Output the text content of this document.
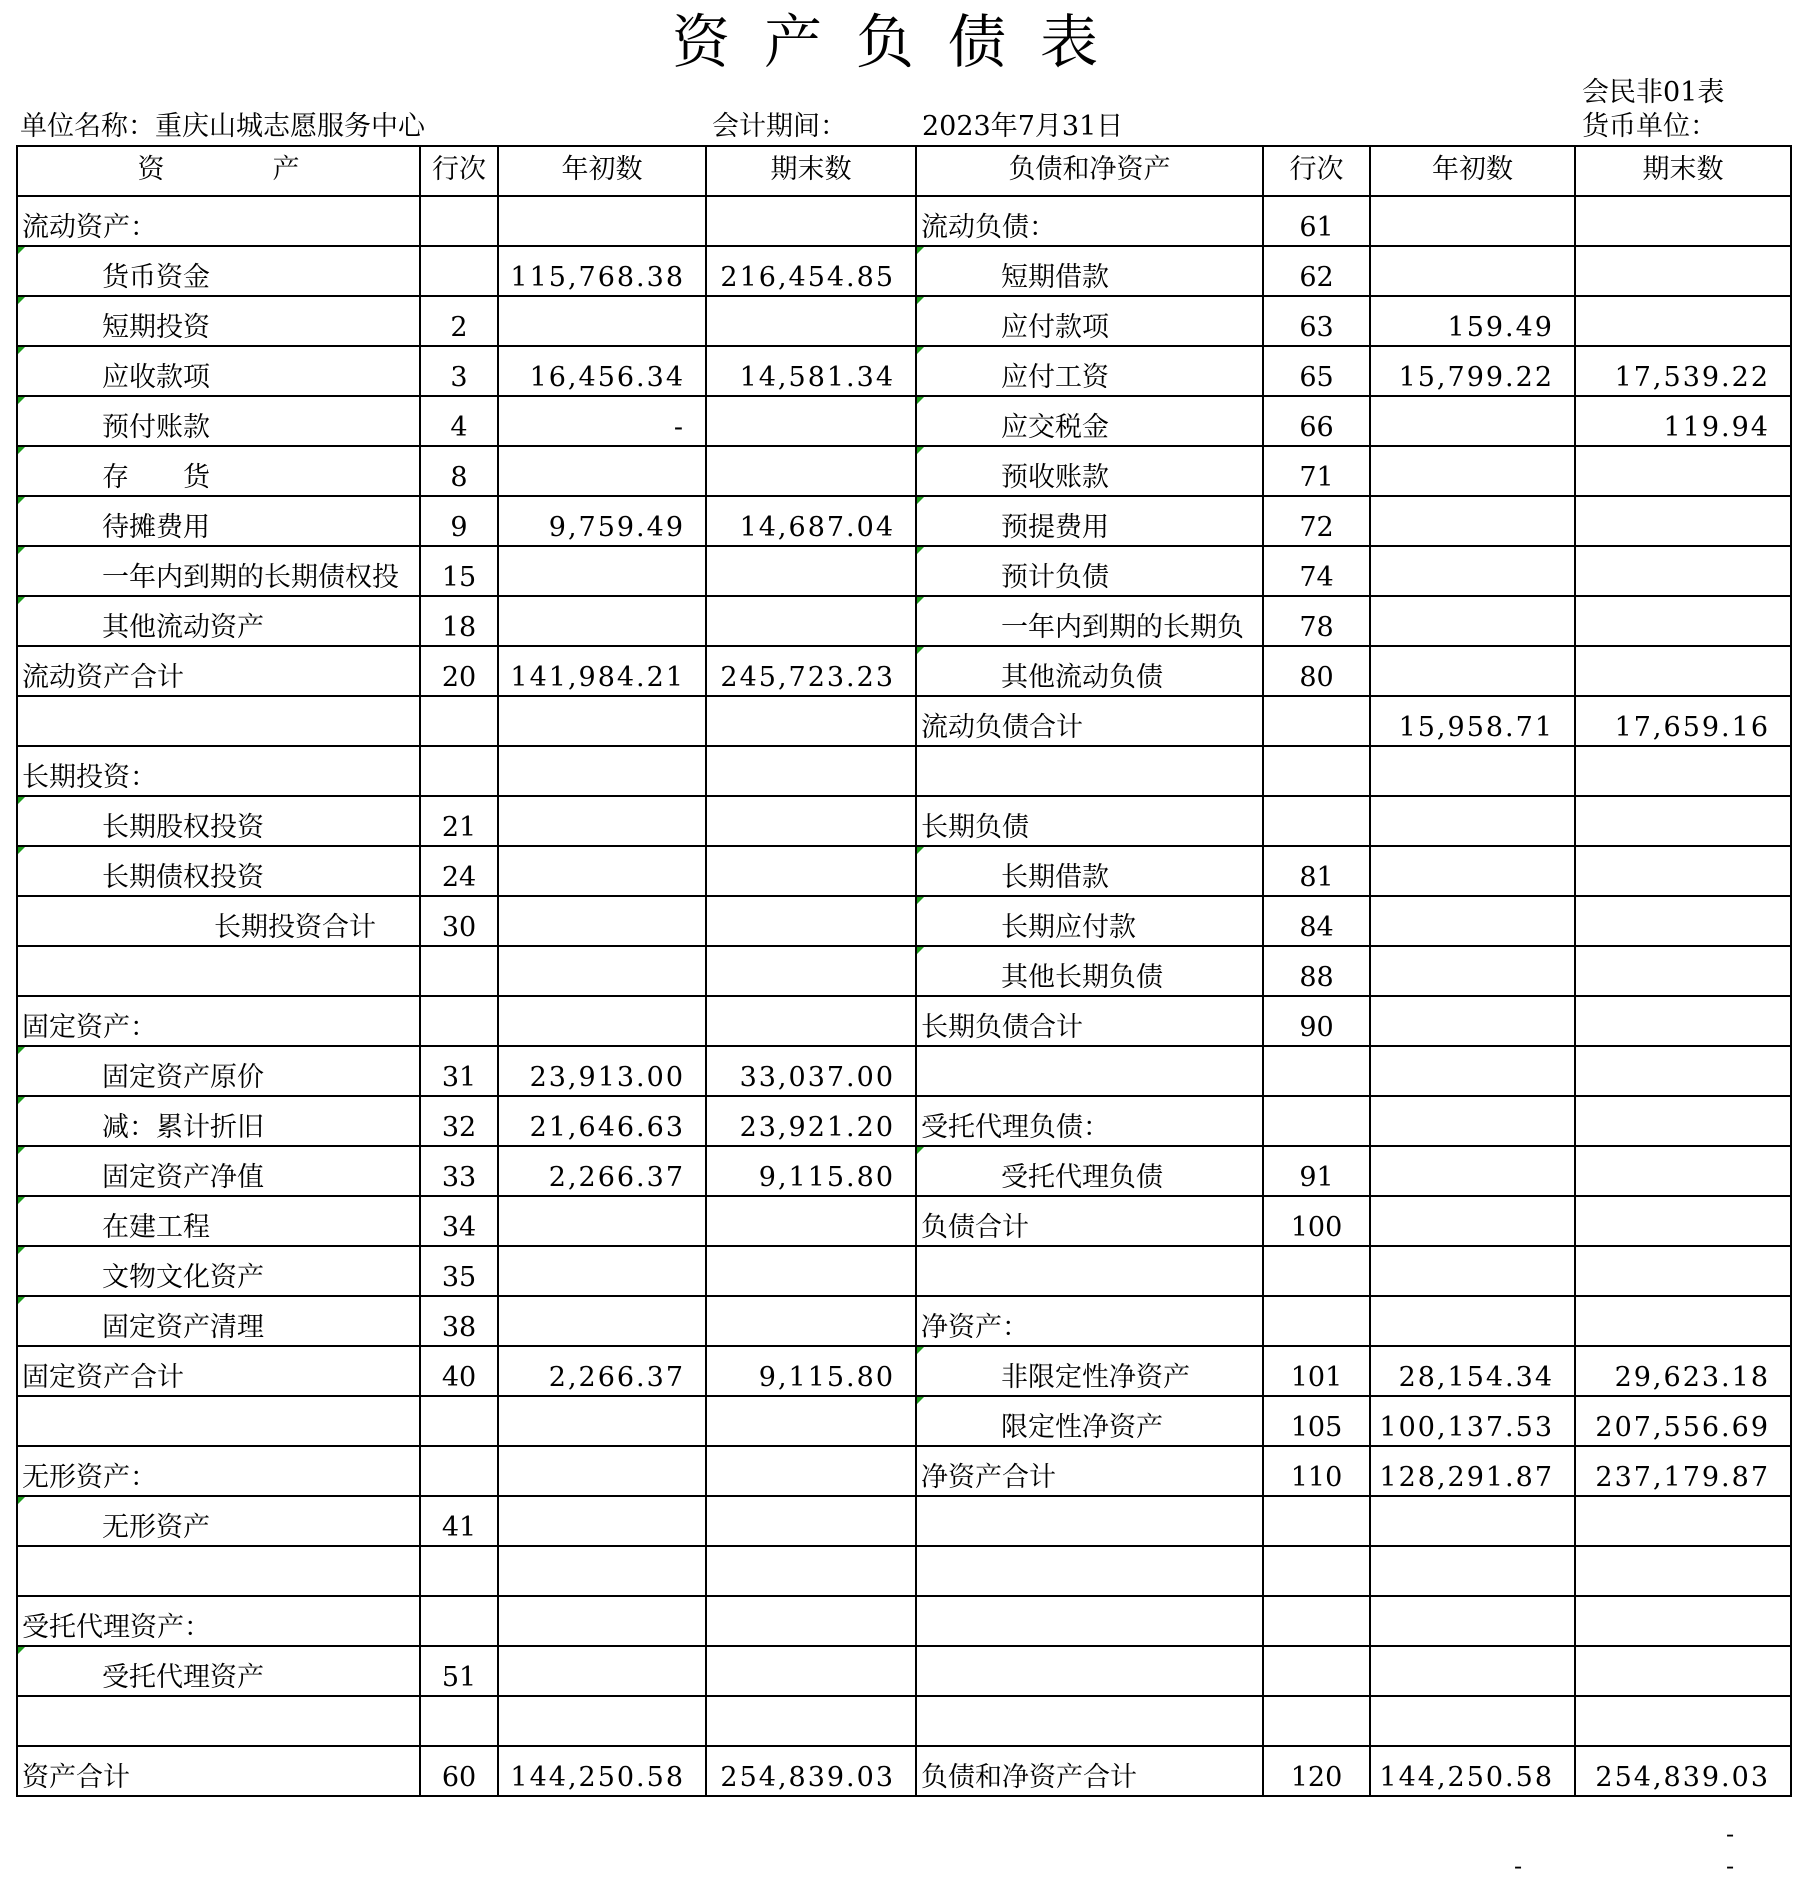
资产负债表
会民非01表
单位名称：重庆山城志愿服务中心	会计期间：	2023年7月31日	货币单位：
资　　　　产	行次	年初数	期末数	负债和净资产	行次	年初数	期末数
流动资产：				流动负债：	61		
货币资金		115,768.38	216,454.85	短期借款	62		
短期投资	2			应付款项	63	159.49	
应收款项	3	16,456.34	14,581.34	应付工资	65	15,799.22	17,539.22
预付账款	4	-		应交税金	66		119.94
存　　货	8			预收账款	71		
待摊费用	9	9,759.49	14,687.04	预提费用	72		
一年内到期的长期债权投	15			预计负债	74		
其他流动资产	18			一年内到期的长期负	78		
流动资产合计	20	141,984.21	245,723.23	其他流动负债	80		
				流动负债合计		15,958.71	17,659.16
长期投资：							
长期股权投资	21			长期负债			
长期债权投资	24			长期借款	81		
长期投资合计	30			长期应付款	84		
				其他长期负债	88		
固定资产：				长期负债合计	90		
固定资产原价	31	23,913.00	33,037.00				
减：累计折旧	32	21,646.63	23,921.20	受托代理负债：			
固定资产净值	33	2,266.37	9,115.80	受托代理负债	91		
在建工程	34			负债合计	100		
文物文化资产	35						
固定资产清理	38			净资产：			
固定资产合计	40	2,266.37	9,115.80	非限定性净资产	101	28,154.34	29,623.18
				限定性净资产	105	100,137.53	207,556.69
无形资产：				净资产合计	110	128,291.87	237,179.87
无形资产	41						

受托代理资产：							
受托代理资产	51						

资产合计	60	144,250.58	254,839.03	负债和净资产合计	120	144,250.58	254,839.03
-
-	-
